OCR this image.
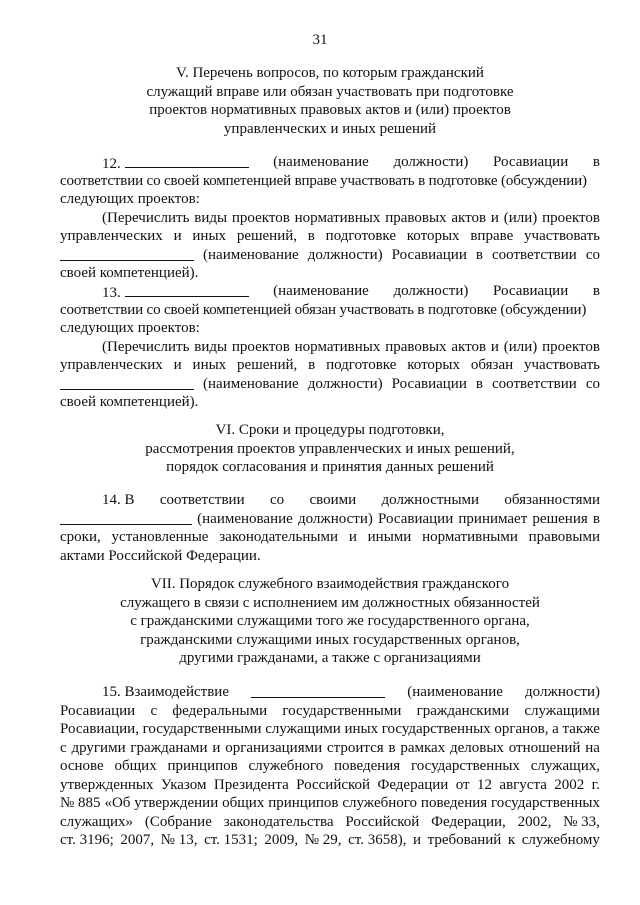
31
V. Перечень вопросов, по которым гражданский
служащий вправе или обязан участвовать при подготовке
проектов нормативных правовых актов и (или) проектов
управленческих и иных решений
12.	(наименование должности) Росавиации в
соответствии со своей компетенцией вправе участвовать в подготовке (обсуждении)
следующих проектов:
(Перечислить виды проектов нормативных правовых актов и (или) проектов
управленческих и иных решений, в подготовке которых вправе участвовать
(наименование должности) Росавиации в соответствии со
своей компетенцией).
13.	(наименование должности) Росавиации в
соответствии со своей компетенцией обязан участвовать в подготовке (обсуждении)
следующих проектов:
(Перечислить виды проектов нормативных правовых актов и (или) проектов
управленческих и иных решений, в подготовке которых обязан участвовать
(наименование должности) Росавиации в соответствии со
своей компетенцией).
VI. Сроки и процедуры подготовки,
рассмотрения проектов управленческих и иных решений,
порядок согласования и принятия данных решений
14. В соответствии со своими должностными обязанностями
(наименование должности) Росавиации принимает решения в
сроки, установленные законодательными и иными нормативными правовыми
актами Российской Федерации.
VII. Порядок служебного взаимодействия гражданского
служащего в связи с исполнением им должностных обязанностей
с гражданскими служащими того же государственного органа,
гражданскими служащими иных государственных органов,
другими гражданами, а также с организациями
15. Взаимодействие	(наименование должности)
Росавиации с федеральными государственными гражданскими служащими
Росавиации, государственными служащими иных государственных органов, а также
с другими гражданами и организациями строится в рамках деловых отношений на
основе общих принципов служебного поведения государственных служащих,
утвержденных Указом Президента Российской Федерации от 12 августа 2002 г.
№ 885 «Об утверждении общих принципов служебного поведения государственных
служащих» (Собрание законодательства Российской Федерации, 2002, № 33,
ст. 3196; 2007, № 13, ст. 1531; 2009, № 29, ст. 3658), и требований к служебному
